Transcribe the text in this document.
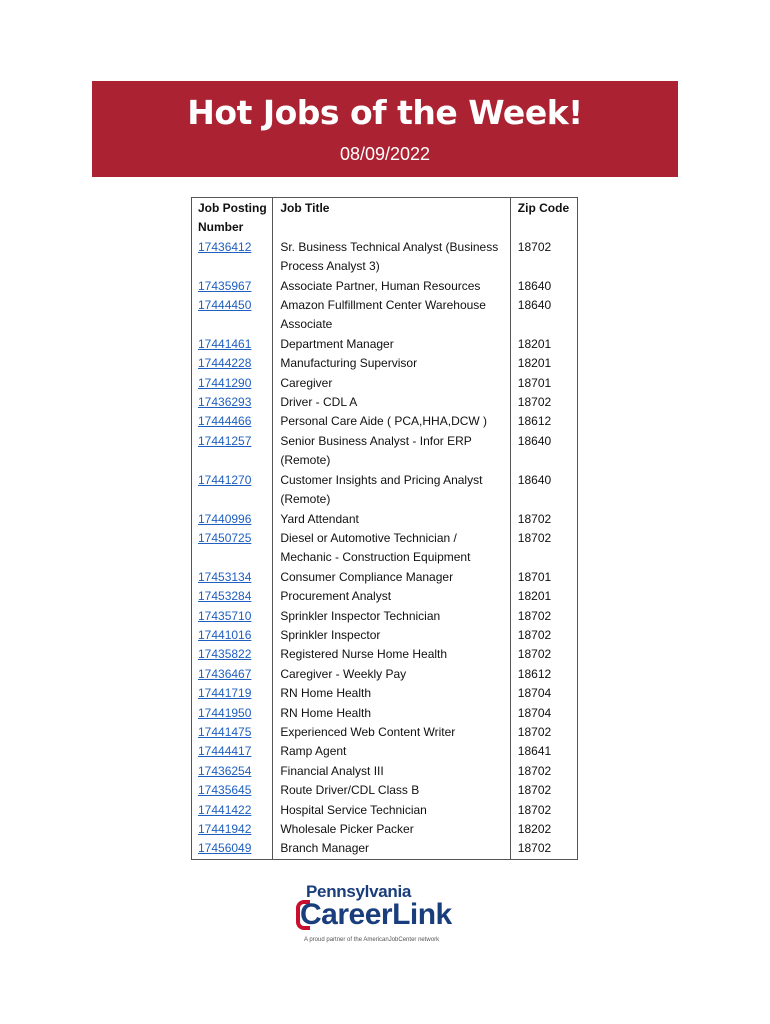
Hot Jobs of the Week!
08/09/2022
Job Posting Number	Job Title	Zip Code
17436412	Sr. Business Technical Analyst (Business Process Analyst 3)	18702
17435967	Associate Partner, Human Resources	18640
17444450	Amazon Fulfillment Center Warehouse Associate	18640
17441461	Department Manager	18201
17444228	Manufacturing Supervisor	18201
17441290	Caregiver	18701
17436293	Driver - CDL A	18702
17444466	Personal Care Aide ( PCA,HHA,DCW )	18612
17441257	Senior Business Analyst - Infor ERP (Remote)	18640
17441270	Customer Insights and Pricing Analyst (Remote)	18640
17440996	Yard Attendant	18702
17450725	Diesel or Automotive Technician / Mechanic - Construction Equipment	18702
17453134	Consumer Compliance Manager	18701
17453284	Procurement Analyst	18201
17435710	Sprinkler Inspector Technician	18702
17441016	Sprinkler Inspector	18702
17435822	Registered Nurse Home Health	18702
17436467	Caregiver - Weekly Pay	18612
17441719	RN Home Health	18704
17441950	RN Home Health	18704
17441475	Experienced Web Content Writer	18702
17444417	Ramp Agent	18641
17436254	Financial Analyst III	18702
17435645	Route Driver/CDL Class B	18702
17441422	Hospital Service Technician	18702
17441942	Wholesale Picker Packer	18202
17456049	Branch Manager	18702
Pennsylvania
CareerLink
A proud partner of the AmericanJobCenter network
